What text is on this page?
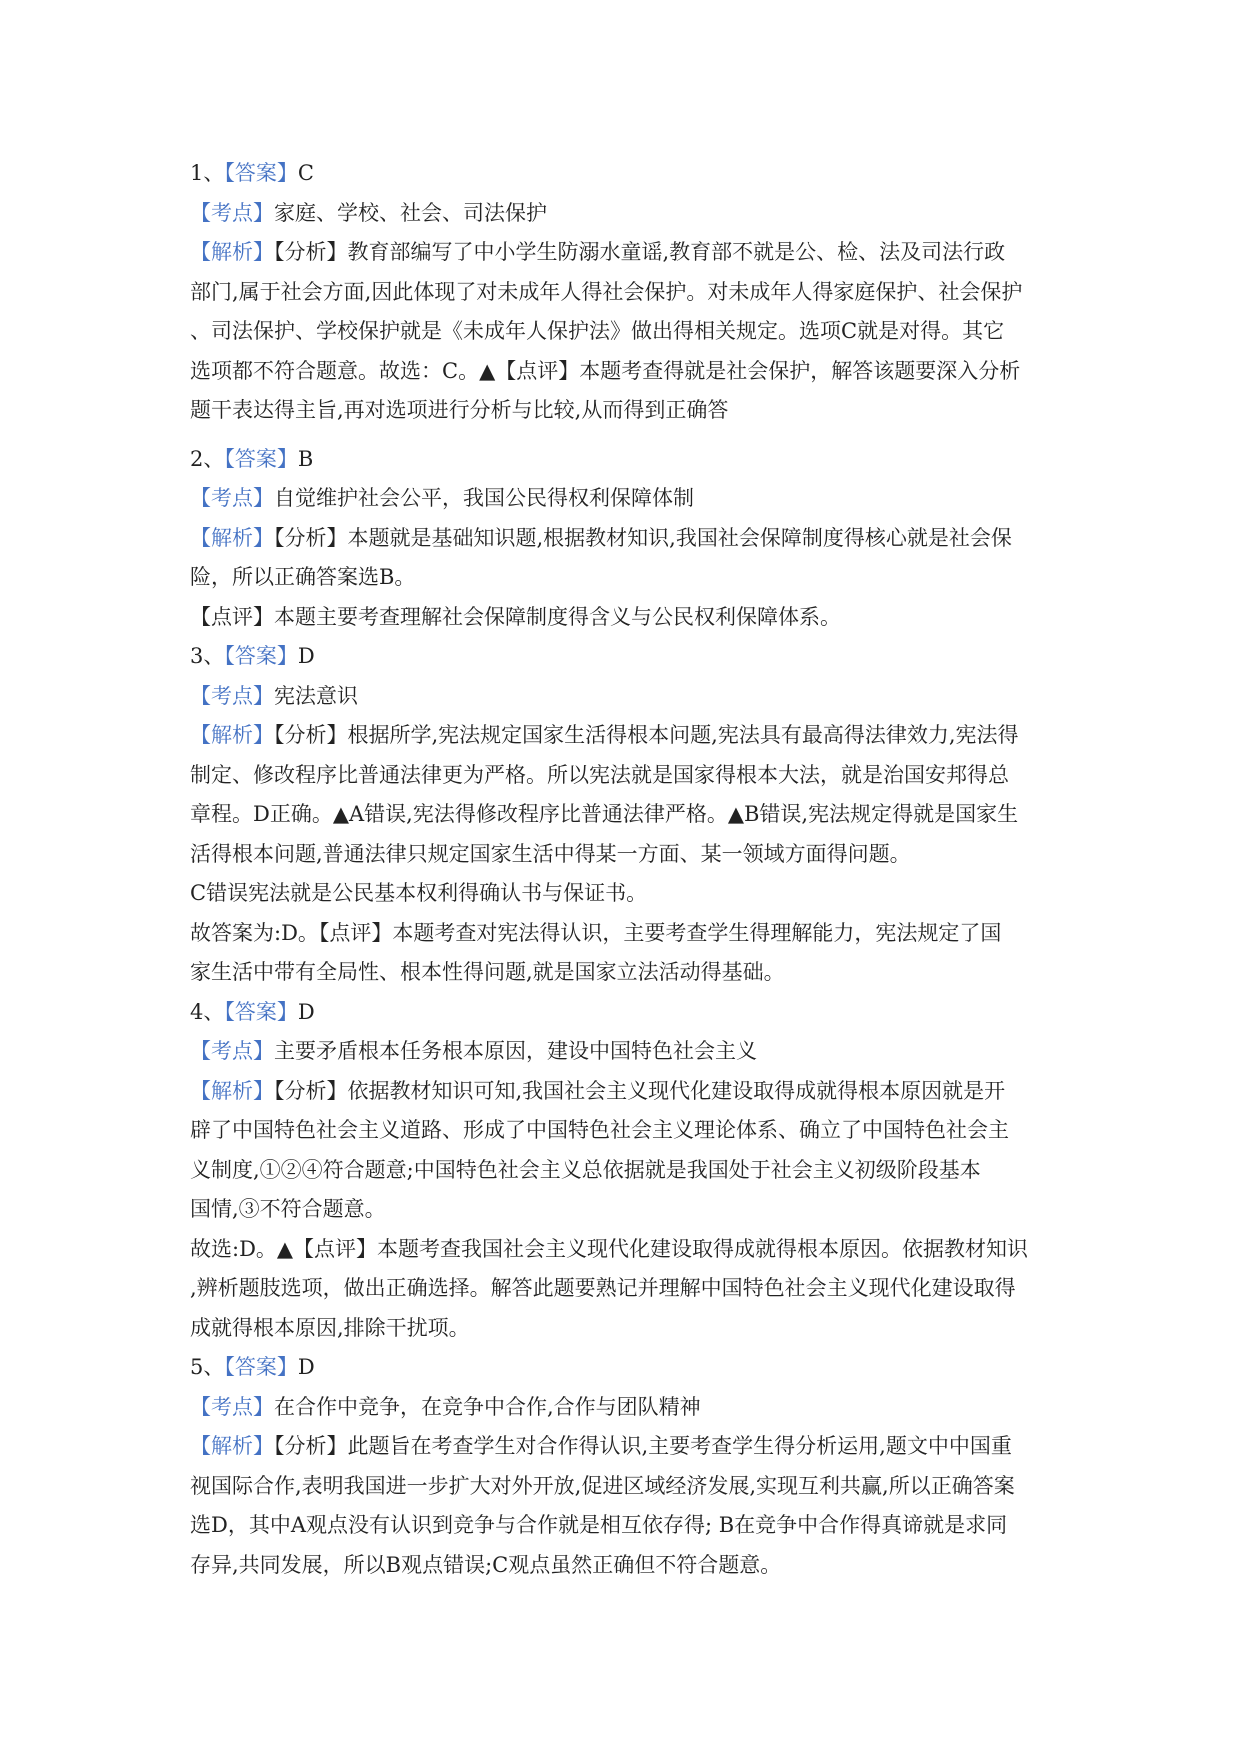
1、【答案】C
【考点】家庭、学校、社会、司法保护
【解析】【分析】教育部编写了中小学生防溺水童谣,教育部不就是公、检、法及司法行政
部门,属于社会方面,因此体现了对未成年人得社会保护。对未成年人得家庭保护、社会保护
、司法保护、学校保护就是《未成年人保护法》做出得相关规定。选项C就是对得。其它
选项都不符合题意。故选：C。▲【点评】本题考查得就是社会保护，解答该题要深入分析
题干表达得主旨,再对选项进行分析与比较,从而得到正确答
2、【答案】B
【考点】自觉维护社会公平，我国公民得权利保障体制
【解析】【分析】本题就是基础知识题,根据教材知识,我国社会保障制度得核心就是社会保
险，所以正确答案选B。
【点评】本题主要考查理解社会保障制度得含义与公民权利保障体系。
3、【答案】D
【考点】宪法意识
【解析】【分析】根据所学,宪法规定国家生活得根本问题,宪法具有最高得法律效力,宪法得
制定、修改程序比普通法律更为严格。所以宪法就是国家得根本大法，就是治国安邦得总
章程。D正确。▲A错误,宪法得修改程序比普通法律严格。▲B错误,宪法规定得就是国家生
活得根本问题,普通法律只规定国家生活中得某一方面、某一领域方面得问题。
C错误宪法就是公民基本权利得确认书与保证书。
故答案为:D。【点评】本题考查对宪法得认识，主要考查学生得理解能力，宪法规定了国
家生活中带有全局性、根本性得问题,就是国家立法活动得基础。
4、【答案】D
【考点】主要矛盾根本任务根本原因，建设中国特色社会主义
【解析】【分析】依据教材知识可知,我国社会主义现代化建设取得成就得根本原因就是开
辟了中国特色社会主义道路、形成了中国特色社会主义理论体系、确立了中国特色社会主
义制度,①②④符合题意;中国特色社会主义总依据就是我国处于社会主义初级阶段基本
国情,③不符合题意。
故选:D。▲【点评】本题考查我国社会主义现代化建设取得成就得根本原因。依据教材知识
,辨析题肢选项，做出正确选择。解答此题要熟记并理解中国特色社会主义现代化建设取得
成就得根本原因,排除干扰项。
5、【答案】D
【考点】在合作中竞争，在竞争中合作,合作与团队精神
【解析】【分析】此题旨在考查学生对合作得认识,主要考查学生得分析运用,题文中中国重
视国际合作,表明我国进一步扩大对外开放,促进区域经济发展,实现互利共赢,所以正确答案
选D，其中A观点没有认识到竞争与合作就是相互依存得; B在竞争中合作得真谛就是求同
存异,共同发展，所以B观点错误;C观点虽然正确但不符合题意。
